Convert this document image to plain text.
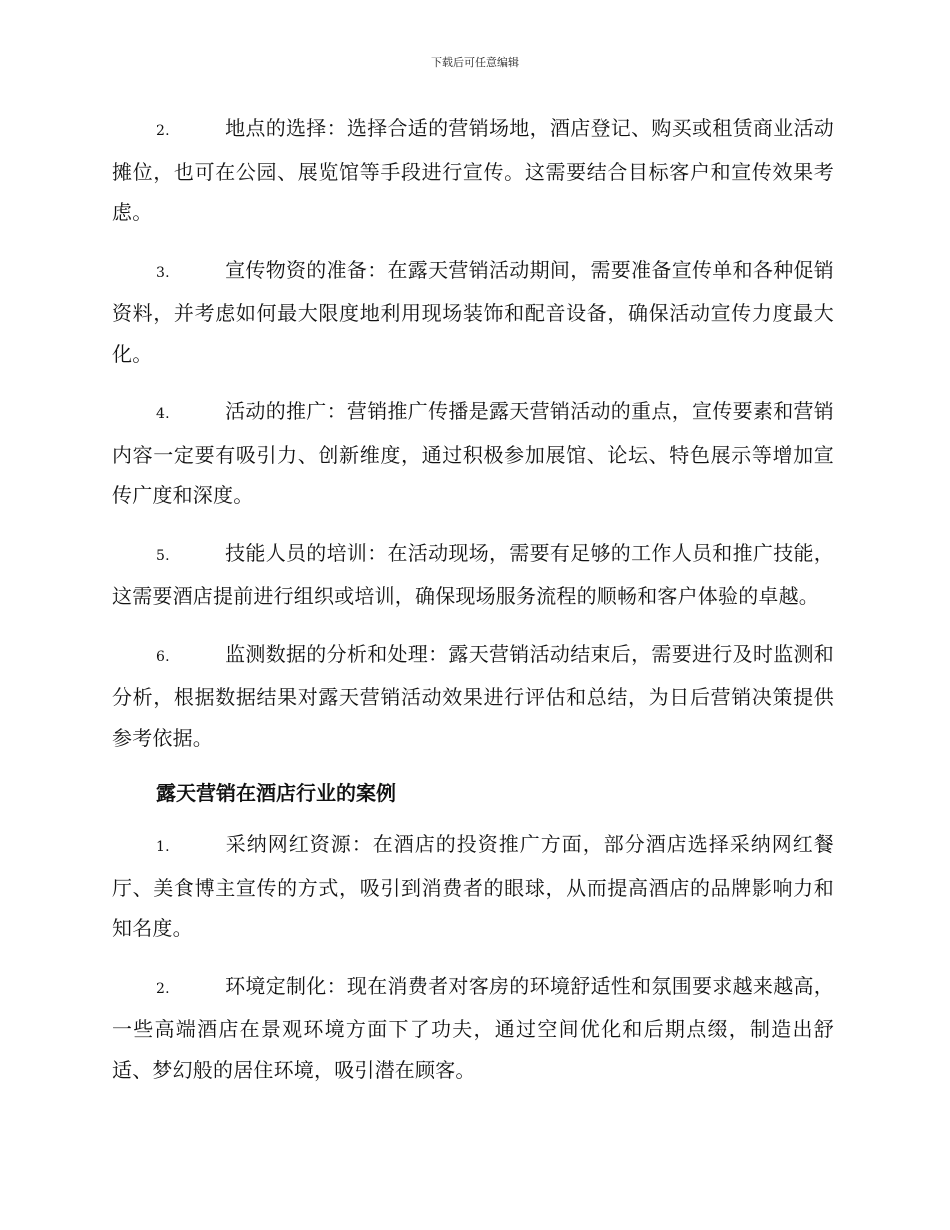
下载后可任意编辑

2.	地点的选择：选择合适的营销场地，酒店登记、购买或租赁商业活动摊位，也可在公园、展览馆等手段进行宣传。这需要结合目标客户和宣传效果考虑。

3.	宣传物资的准备：在露天营销活动期间，需要准备宣传单和各种促销资料，并考虑如何最大限度地利用现场装饰和配音设备，确保活动宣传力度最大化。

4.	活动的推广：营销推广传播是露天营销活动的重点，宣传要素和营销内容一定要有吸引力、创新维度，通过积极参加展馆、论坛、特色展示等增加宣传广度和深度。

5.	技能人员的培训：在活动现场，需要有足够的工作人员和推广技能，这需要酒店提前进行组织或培训，确保现场服务流程的顺畅和客户体验的卓越。

6.	监测数据的分析和处理：露天营销活动结束后，需要进行及时监测和分析，根据数据结果对露天营销活动效果进行评估和总结，为日后营销决策提供参考依据。

露天营销在酒店行业的案例

1.	采纳网红资源：在酒店的投资推广方面，部分酒店选择采纳网红餐厅、美食博主宣传的方式，吸引到消费者的眼球，从而提高酒店的品牌影响力和知名度。

2.	环境定制化：现在消费者对客房的环境舒适性和氛围要求越来越高，一些高端酒店在景观环境方面下了功夫，通过空间优化和后期点缀，制造出舒适、梦幻般的居住环境，吸引潜在顾客。
